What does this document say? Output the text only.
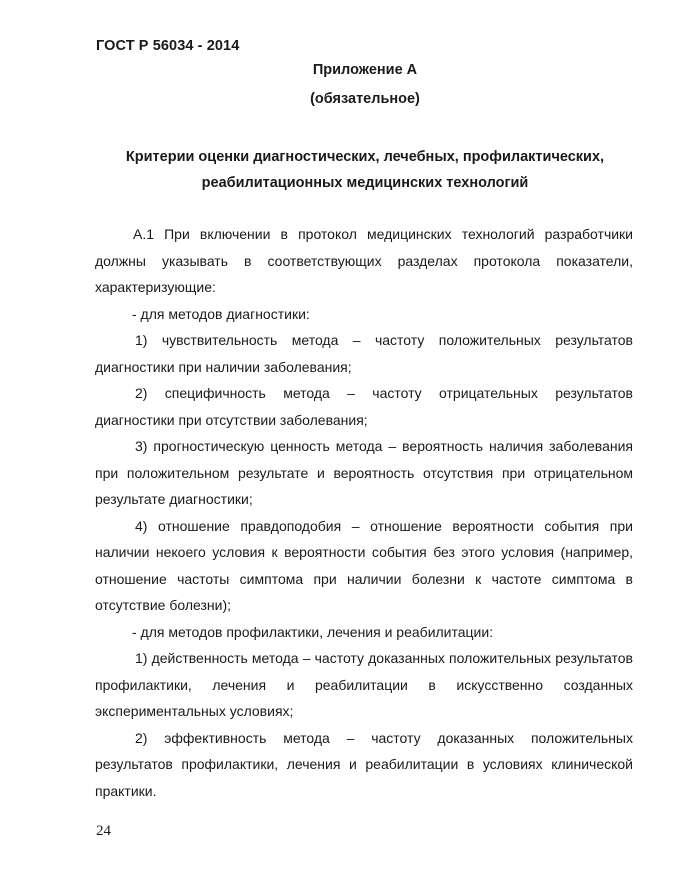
ГОСТ Р 56034 - 2014
Приложение А
(обязательное)
Критерии оценки диагностических, лечебных, профилактических,
реабилитационных медицинских технологий

А.1 При включении в протокол медицинских технологий разработчики должны указывать в соответствующих разделах протокола показатели, характеризующие:

- для методов диагностики:

1) чувствительность метода – частоту положительных результатов диагностики при наличии заболевания;

2) специфичность метода – частоту отрицательных результатов диагностики при отсутствии заболевания;

3) прогностическую ценность метода – вероятность наличия заболевания при положительном результате и вероятность отсутствия при отрицательном результате диагностики;

4) отношение правдоподобия – отношение вероятности события при наличии некоего условия к вероятности события без этого условия (например, отношение частоты симптома при наличии болезни к частоте симптома в отсутствие болезни);

- для методов профилактики, лечения и реабилитации:

1) действенность метода – частоту доказанных положительных результатов профилактики, лечения и реабилитации в искусственно созданных экспериментальных условиях;

2) эффективность метода – частоту доказанных положительных результатов профилактики, лечения и реабилитации в условиях клинической практики.

24
